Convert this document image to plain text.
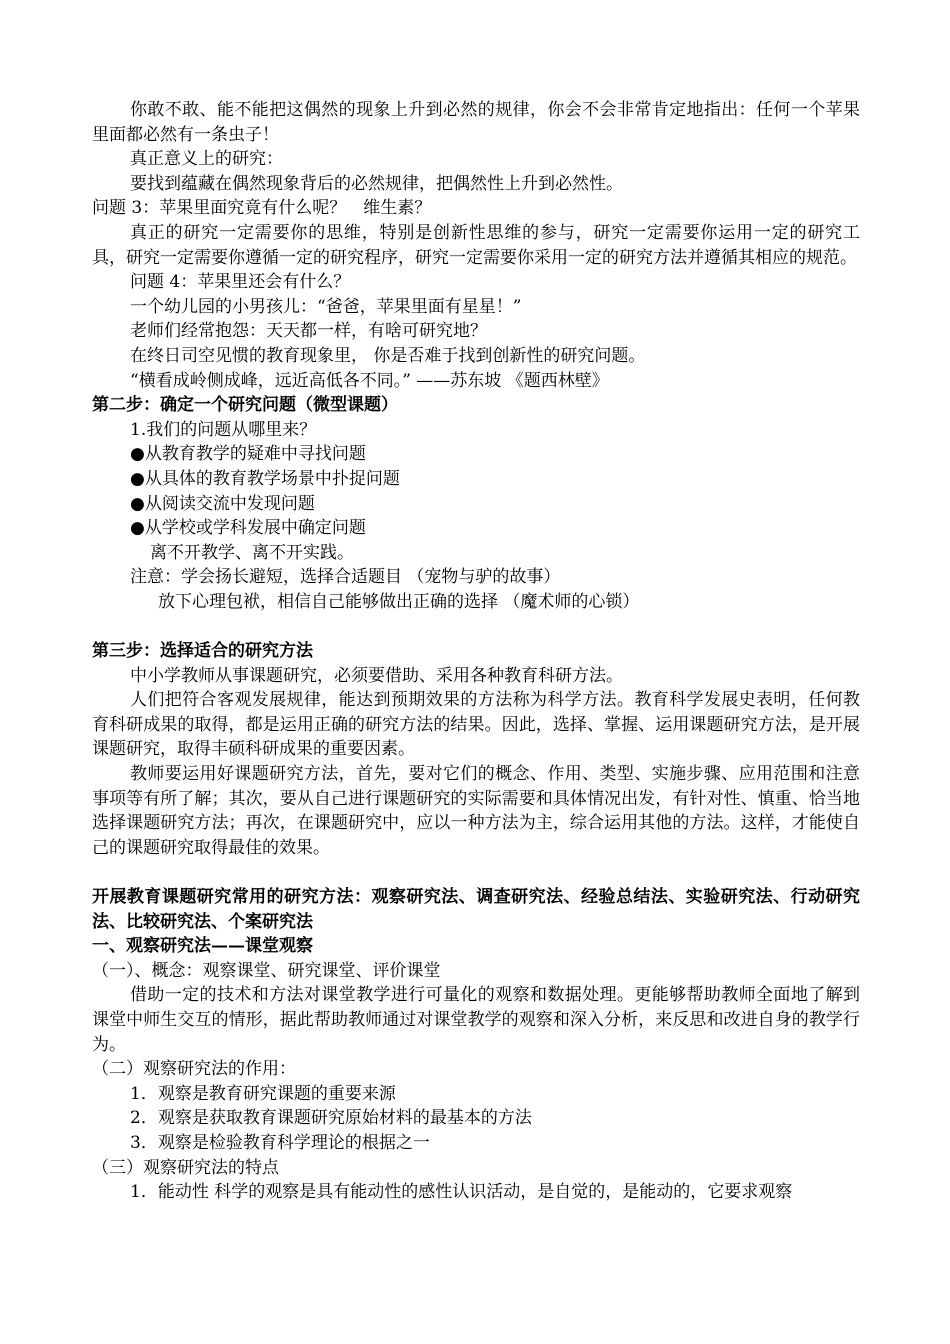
你敢不敢、能不能把这偶然的现象上升到必然的规律，你会不会非常肯定地指出：任何一个苹果里面都必然有一条虫子！

真正意义上的研究：

要找到蕴藏在偶然现象背后的必然规律，把偶然性上升到必然性。

问题 3：苹果里面究竟有什么呢？　维生素？

真正的研究一定需要你的思维，特别是创新性思维的参与，研究一定需要你运用一定的研究工具，研究一定需要你遵循一定的研究程序，研究一定需要你采用一定的研究方法并遵循其相应的规范。

问题 4：苹果里还会有什么？

一个幼儿园的小男孩儿：“爸爸，苹果里面有星星！”

老师们经常抱怨：天天都一样，有啥可研究地？

在终日司空见惯的教育现象里， 你是否难于找到创新性的研究问题。

“横看成岭侧成峰，远近高低各不同。” ——苏东坡 《题西林壁》

第二步：确定一个研究问题（微型课题）

1.我们的问题从哪里来？

●从教育教学的疑难中寻找问题

●从具体的教育教学场景中扑捉问题

●从阅读交流中发现问题

●从学校或学科发展中确定问题

离不开教学、离不开实践。

注意：学会扬长避短，选择合适题目 （宠物与驴的故事）

放下心理包袱，相信自己能够做出正确的选择 （魔术师的心锁）

第三步：选择适合的研究方法

中小学教师从事课题研究，必须要借助、采用各种教育科研方法。

人们把符合客观发展规律，能达到预期效果的方法称为科学方法。教育科学发展史表明，任何教育科研成果的取得，都是运用正确的研究方法的结果。因此，选择、掌握、运用课题研究方法，是开展课题研究，取得丰硕科研成果的重要因素。

教师要运用好课题研究方法，首先，要对它们的概念、作用、类型、实施步骤、应用范围和注意事项等有所了解；其次，要从自己进行课题研究的实际需要和具体情况出发，有针对性、慎重、恰当地选择课题研究方法；再次，在课题研究中，应以一种方法为主，综合运用其他的方法。这样，才能使自己的课题研究取得最佳的效果。

开展教育课题研究常用的研究方法：观察研究法、调查研究法、经验总结法、实验研究法、行动研究法、比较研究法、个案研究法

一、观察研究法——课堂观察

（一）、概念：观察课堂、研究课堂、评价课堂

借助一定的技术和方法对课堂教学进行可量化的观察和数据处理。更能够帮助教师全面地了解到课堂中师生交互的情形，据此帮助教师通过对课堂教学的观察和深入分析，来反思和改进自身的教学行为。

（二）观察研究法的作用：

1．观察是教育研究课题的重要来源

2．观察是获取教育课题研究原始材料的最基本的方法

3．观察是检验教育科学理论的根据之一

（三）观察研究法的特点

1．能动性 科学的观察是具有能动性的感性认识活动，是自觉的，是能动的，它要求观察
